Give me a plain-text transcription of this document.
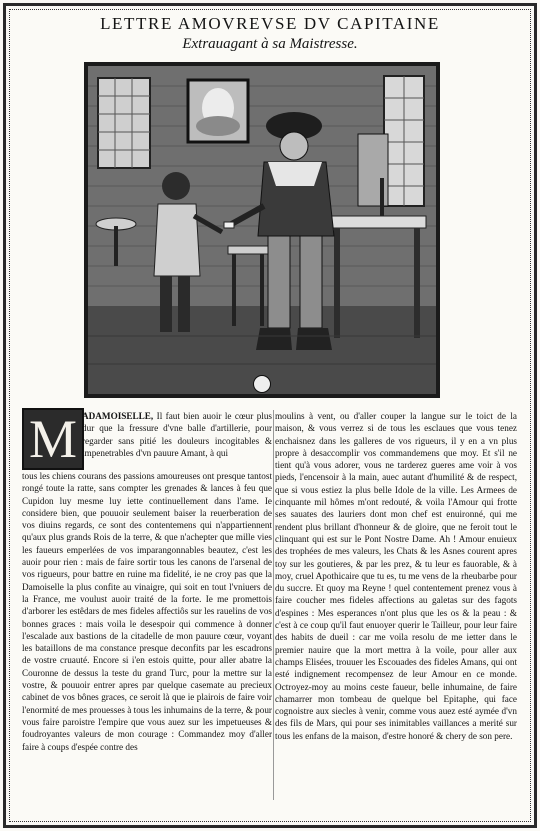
LETTRE AMOVREVSE DV CAPITAINE
Extrauagant à sa Maistresse.
M ADAMOISELLE, Il faut bien auoir le cœur plus dur que la fressure d'vne balle d'artillerie, pour regarder sans pitié les douleurs incogitables & impenetrables d'vn pauure Amant, à qui

tous les chiens courans des passions amoureuses ont presque tantost rongé toute la ratte, sans compter les grenades & lances à feu que Cupidon luy mesme luy iette continuellement dans l'ame. Ie considere bien, que pouuoir seulement baiser la reuerberation de vos diuins regards, ce sont des contentemens qui n'appartiennent qu'aux plus grands Rois de la terre, & que n'achepter que mille vies les faueurs emperlées de vos imparangonnables beautez, c'est les auoir pour rien : mais de faire sortir tous les canons de l'arsenal de vos rigueurs, pour battre en ruine ma fidelité, ie ne croy pas que la Damoiselle la plus confite au vinaigre, qui soit en tout l'vniuers de la France, me voulust auoir traité de la forte. Ie me promettois d'arborer les estêdars de mes fideles affectiôs sur les rauelins de vos bonnes graces : mais voila le desespoir qui commence à donner l'escalade aux bastions de la citadelle de mon pauure cœur, voyant les bataillons de ma constance presque deconfits par les escadrons de vostre cruauté. Encore si i'en estois quitte, pour aller abatre la Couronne de dessus la teste du grand Turc, pour la mettre sur la vostre, & pouuoir entrer apres par quelque casemate au precieux cabinet de vos bônes graces, ce seroit là que ie plairois de faire voir l'enormité de mes prouesses à tous les inhumains de la terre, & pour vous faire paroistre l'empire que vous auez sur les impetueuses & foudroyantes valeurs de mon courage : Commandez moy d'aller faire à coups d'espée contre des

moulins à vent, ou d'aller couper la langue sur le toict de la maison, & vous verrez si de tous les esclaues que vous tenez enchaisnez dans les galleres de vos rigueurs, il y en a vn plus propre à desaccomplir vos commandemens que moy. Et s'il ne tient qu'à vous adorer, vous ne tarderez gueres ame voir à vos pieds, l'encensoir à la main, auec autant d'humilité & de respect, que si vous estiez la plus belle Idole de la ville. Les Armees de cinquante mil hômes m'ont redouté, & voila l'Amour qui frotte ses sauates des lauriers dont mon chef est enuironné, qui me rendent plus brillant d'honneur & de gloire, que ne feroit tout le clinquant qui est sur le Pont Nostre Dame. Ah ! Amour enuieux des trophées de mes valeurs, les Chats & les Asnes courent apres toy sur les goutieres, & par les prez, & tu leur es fauorable, & à moy, cruel Apothicaire que tu es, tu me vens de la rheubarbe pour du succre. Et quoy ma Reyne ! quel contentement prenez vous à faire coucher mes fideles affections au galetas sur des fagots d'espines : Mes esperances n'ont plus que les os & la peau : & c'est à ce coup qu'il faut enuoyer querir le Tailleur, pour leur faire des habits de dueil : car me voila resolu de me ietter dans le premier nauire que la mort mettra à la voile, pour aller aux champs Elisées, trouuer les Escouades des fideles Amans, qui ont esté indignement recompensez de leur Amour en ce monde. Octroyez-moy au moins ceste faueur, belle inhumaine, de faire chamarrer mon tombeau de quelque bel Epitaphe, qui face cognoistre aux siecles à venir, comme vous auez esté aymée d'vn des fils de Mars, qui pour ses inimitables vaillances a merité sur tous les enfans de la maison, d'estre honoré & chery de son pere.
